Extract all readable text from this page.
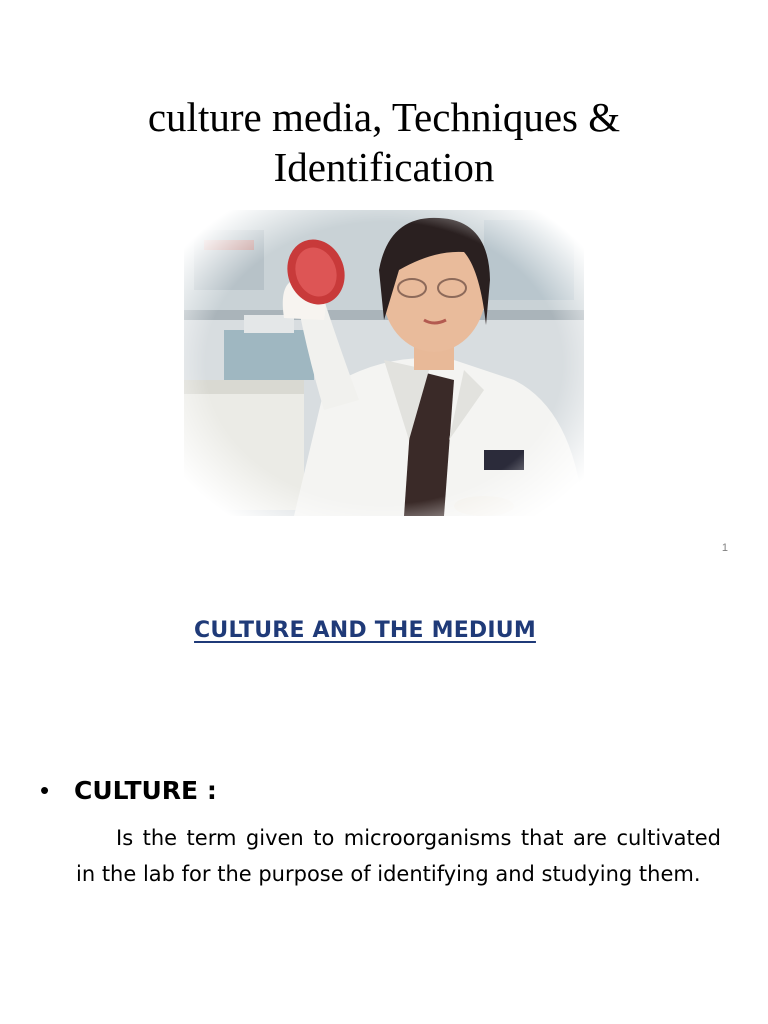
culture media, Techniques &
Identification
1
CULTURE AND THE MEDIUM
• CULTURE :
Is the term given to microorganisms that are cultivated in the lab for the purpose of identifying and studying them.
